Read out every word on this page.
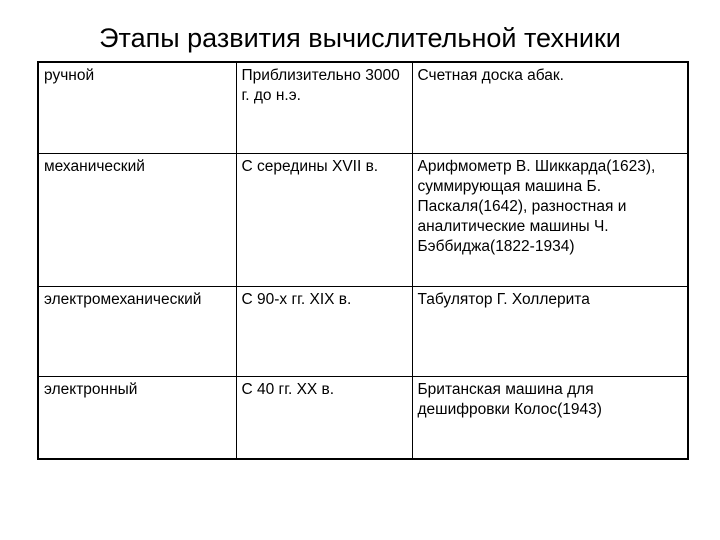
Этапы развития вычислительной техники
ручной	Приблизительно 3000 г. до н.э.	Счетная доска абак.
механический	С середины XVII в.	Арифмометр В. Шиккарда(1623), суммирующая машина Б. Паскаля(1642), разностная и аналитические машины Ч. Бэббиджа(1822-1934)
электромеханический	С 90-х гг. XIX в.	Табулятор Г. Холлерита
электронный	С 40 гг. XX в.	Британская машина для дешифровки Колос(1943)
